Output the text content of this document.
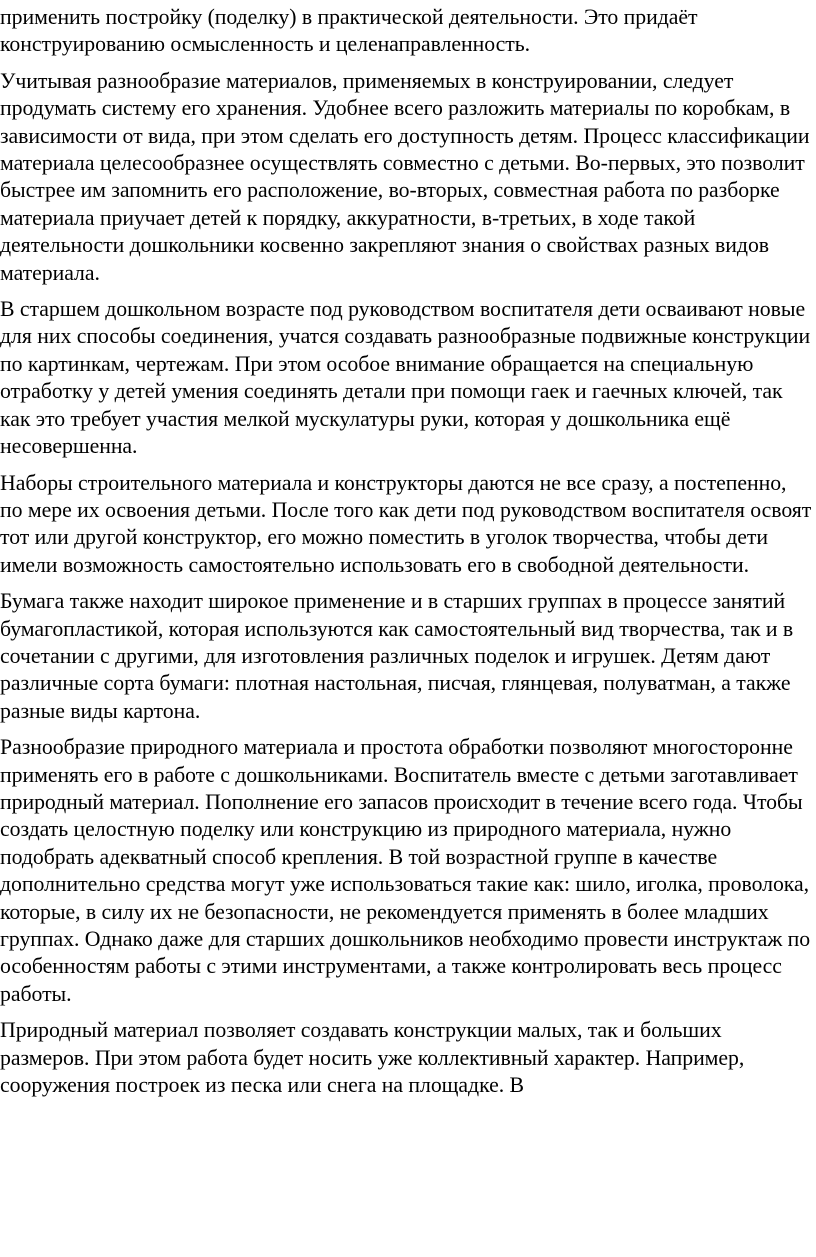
применить постройку (поделку) в практической деятельности. Это придаёт конструированию осмысленность и целенаправленность.

Учитывая разнообразие материалов, применяемых в конструировании, следует продумать систему его хранения. Удобнее всего разложить материалы по коробкам, в зависимости от вида, при этом сделать его доступность детям. Процесс классификации материала целесообразнее осуществлять совместно с детьми. Во-первых, это позволит быстрее им запомнить его расположение, во-вторых, совместная работа по разборке материала приучает детей к порядку, аккуратности, в-третьих, в ходе такой деятельности дошкольники косвенно закрепляют знания о свойствах разных видов материала.

В старшем дошкольном возрасте под руководством воспитателя дети осваивают новые для них способы соединения, учатся создавать разнообразные подвижные конструкции по картинкам, чертежам. При этом особое внимание обращается на специальную отработку у детей умения соединять детали при помощи гаек и гаечных ключей, так как это требует участия мелкой мускулатуры руки, которая у дошкольника ещё несовершенна.

Наборы строительного материала и конструкторы даются не все сразу, а постепенно, по мере их освоения детьми. После того как дети под руководством воспитателя освоят тот или другой конструктор, его можно поместить в уголок творчества, чтобы дети имели возможность самостоятельно использовать его в свободной деятельности.

Бумага также находит широкое применение и в старших группах в процессе занятий бумагопластикой, которая используются как самостоятельный вид творчества, так и в сочетании с другими, для изготовления различных поделок и игрушек. Детям дают различные сорта бумаги: плотная настольная, писчая, глянцевая, полуватман, а также разные виды картона.

Разнообразие природного материала и простота обработки позволяют многосторонне применять его в работе с дошкольниками. Воспитатель вместе с детьми заготавливает природный материал. Пополнение его запасов происходит в течение всего года. Чтобы создать целостную поделку или конструкцию из природного материала, нужно подобрать адекватный способ крепления. В той возрастной группе в качестве дополнительно средства могут уже использоваться такие как: шило, иголка, проволока, которые, в силу их не безопасности, не рекомендуется применять в более младших группах. Однако даже для старших дошкольников необходимо провести инструктаж по особенностям работы с этими инструментами, а также контролировать весь процесс работы.

Природный материал позволяет создавать конструкции малых, так и больших размеров. При этом работа будет носить уже коллективный характер. Например, сооружения построек из песка или снега на площадке. В
